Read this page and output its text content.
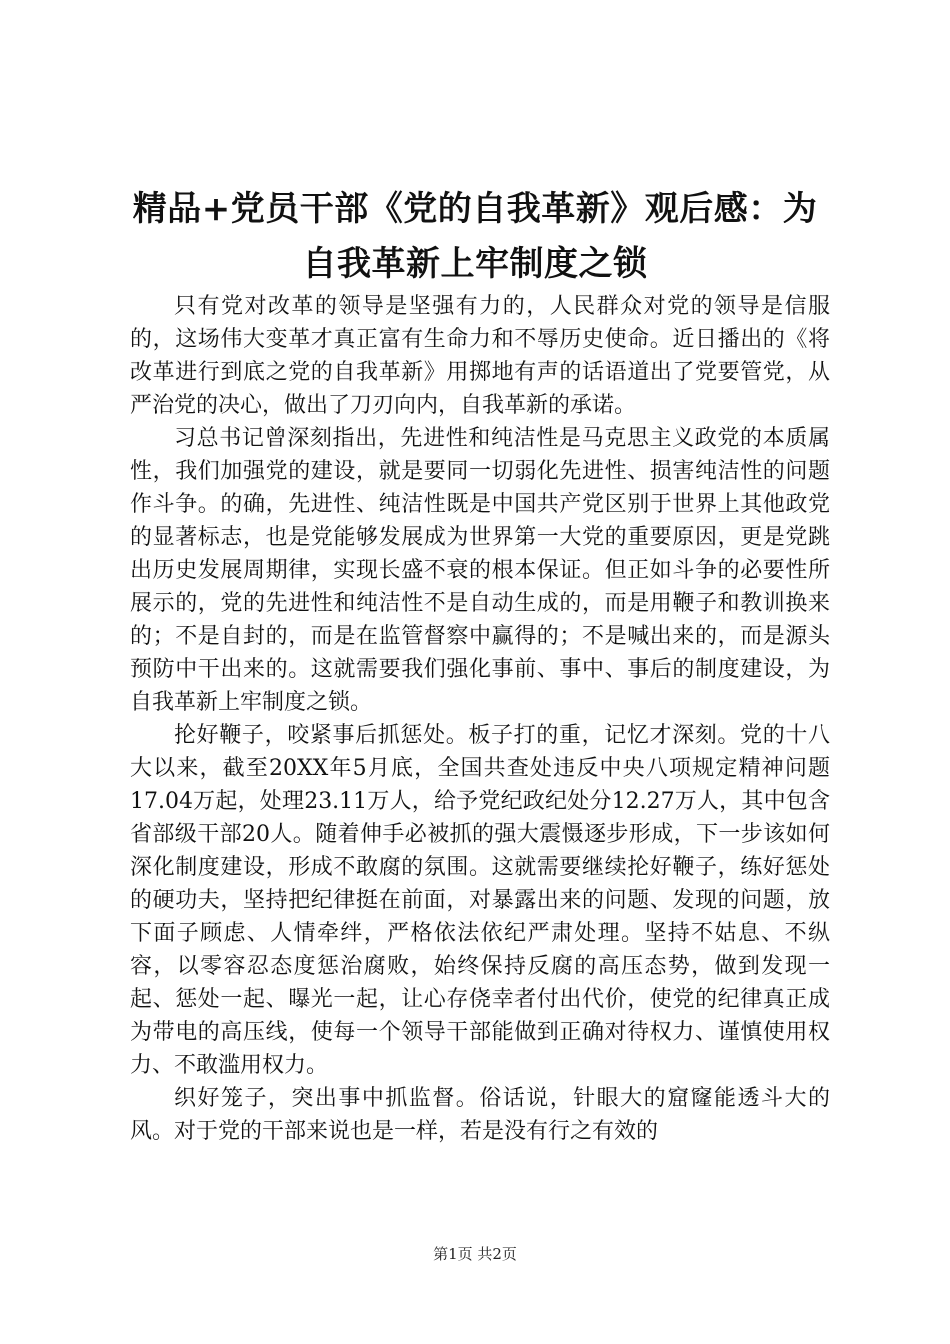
精品+党员干部《党的自我革新》观后感：为
自我革新上牢制度之锁

只有党对改革的领导是坚强有力的，人民群众对党的领导是信服的，这场伟大变革才真正富有生命力和不辱历史使命。近日播出的《将改革进行到底之党的自我革新》用掷地有声的话语道出了党要管党，从严治党的决心，做出了刀刃向内，自我革新的承诺。

习总书记曾深刻指出，先进性和纯洁性是马克思主义政党的本质属性，我们加强党的建设，就是要同一切弱化先进性、损害纯洁性的问题作斗争。的确，先进性、纯洁性既是中国共产党区别于世界上其他政党的显著标志，也是党能够发展成为世界第一大党的重要原因，更是党跳出历史发展周期律，实现长盛不衰的根本保证。但正如斗争的必要性所展示的，党的先进性和纯洁性不是自动生成的，而是用鞭子和教训换来的；不是自封的，而是在监管督察中赢得的；不是喊出来的，而是源头预防中干出来的。这就需要我们强化事前、事中、事后的制度建设，为自我革新上牢制度之锁。

抡好鞭子，咬紧事后抓惩处。板子打的重，记忆才深刻。党的十八大以来，截至20XX年5月底，全国共查处违反中央八项规定精神问题17.04万起，处理23.11万人，给予党纪政纪处分12.27万人，其中包含省部级干部20人。随着伸手必被抓的强大震慑逐步形成，下一步该如何深化制度建设，形成不敢腐的氛围。这就需要继续抡好鞭子，练好惩处的硬功夫，坚持把纪律挺在前面，对暴露出来的问题、发现的问题，放下面子顾虑、人情牵绊，严格依法依纪严肃处理。坚持不姑息、不纵容，以零容忍态度惩治腐败，始终保持反腐的高压态势，做到发现一起、惩处一起、曝光一起，让心存侥幸者付出代价，使党的纪律真正成为带电的高压线，使每一个领导干部能做到正确对待权力、谨慎使用权力、不敢滥用权力。

织好笼子，突出事中抓监督。俗话说，针眼大的窟窿能透斗大的风。对于党的干部来说也是一样，若是没有行之有效的

第1页 共2页
